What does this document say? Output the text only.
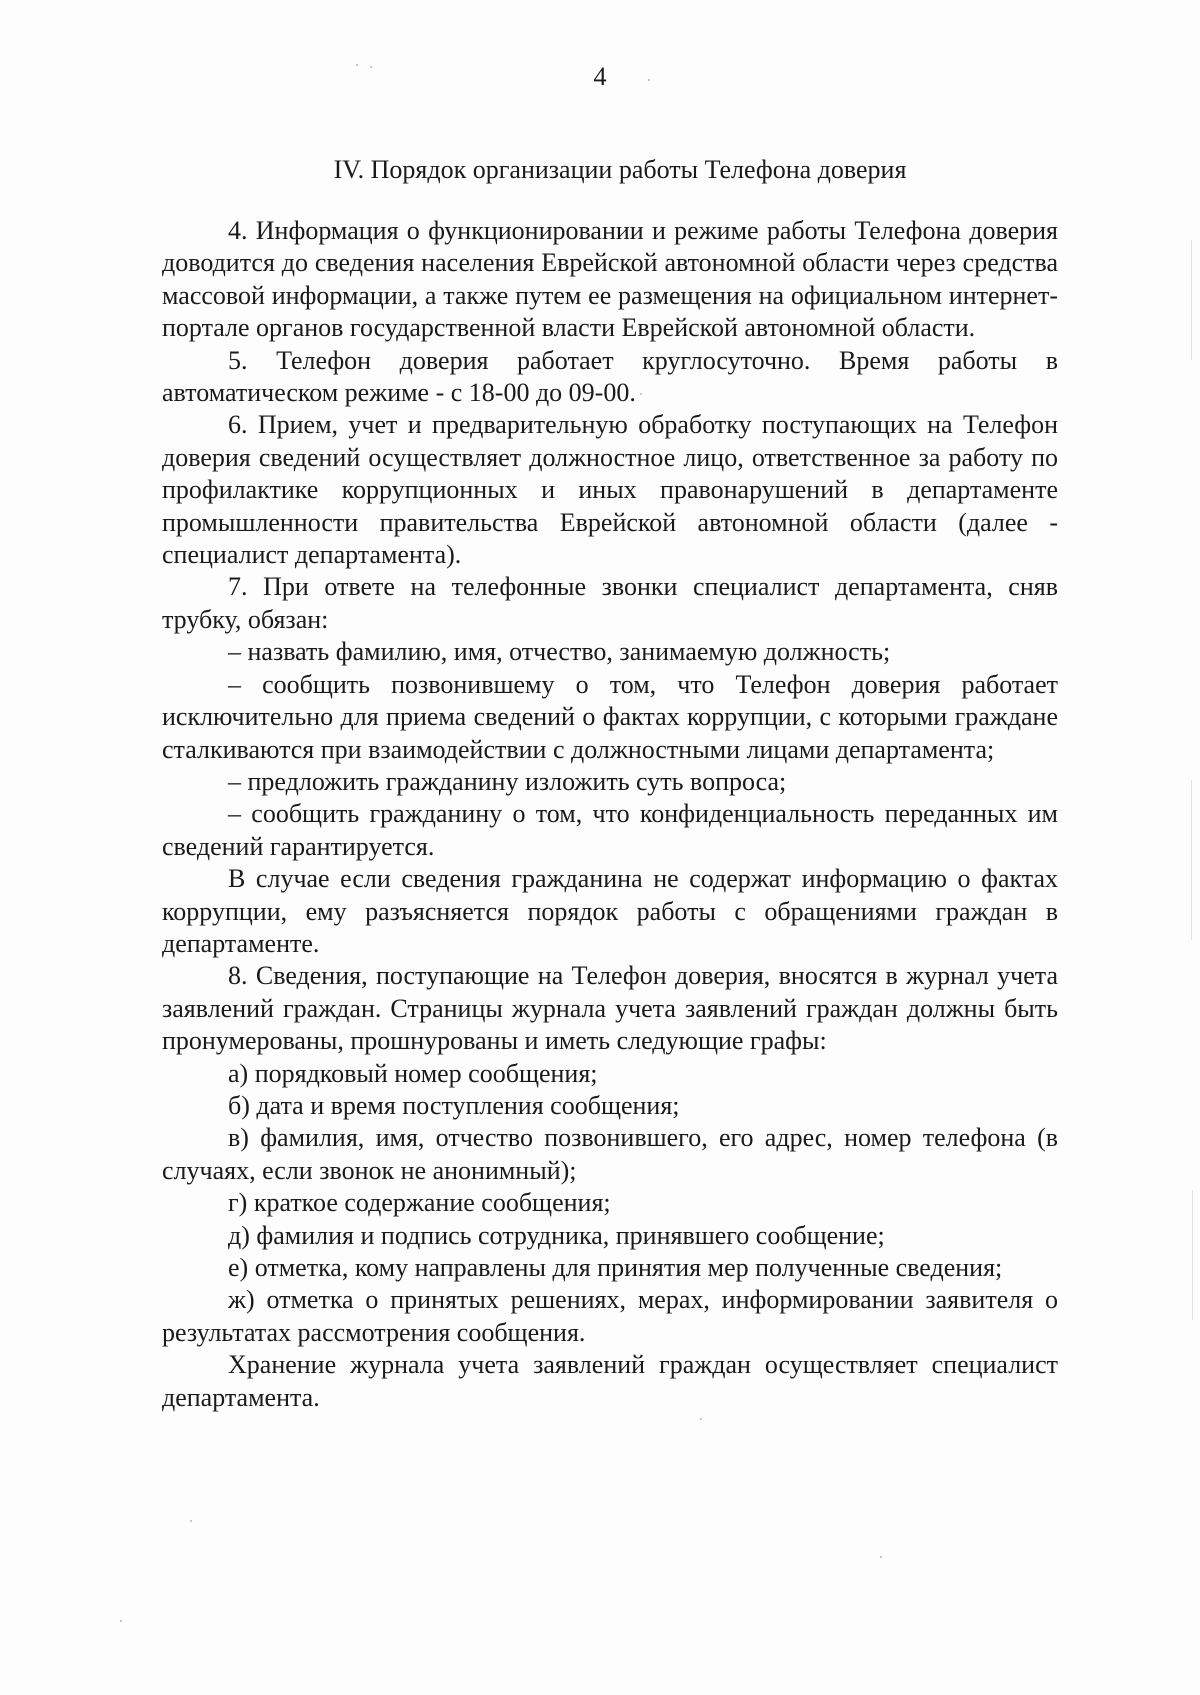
4
IV. Порядок организации работы Телефона доверия

4. Информация о функционировании и режиме работы Телефона доверия доводится до сведения населения Еврейской автономной области через средства массовой информации, а также путем ее размещения на официальном интернет-портале органов государственной власти Еврейской автономной области.

5. Телефон доверия работает круглосуточно. Время работы в автоматическом режиме - с 18-00 до 09-00.

6. Прием, учет и предварительную обработку поступающих на Телефон доверия сведений осуществляет должностное лицо, ответственное за работу по профилактике коррупционных и иных правонарушений в департаменте промышленности правительства Еврейской автономной области (далее - специалист департамента).

7. При ответе на телефонные звонки специалист департамента, сняв трубку, обязан:

– назвать фамилию, имя, отчество, занимаемую должность;

– сообщить позвонившему о том, что Телефон доверия работает исключительно для приема сведений о фактах коррупции, с которыми граждане сталкиваются при взаимодействии с должностными лицами департамента;

– предложить гражданину изложить суть вопроса;

– сообщить гражданину о том, что конфиденциальность переданных им сведений гарантируется.

В случае если сведения гражданина не содержат информацию о фактах коррупции, ему разъясняется порядок работы с обращениями граждан в департаменте.

8. Сведения, поступающие на Телефон доверия, вносятся в журнал учета заявлений граждан. Страницы журнала учета заявлений граждан должны быть пронумерованы, прошнурованы и иметь следующие графы:

а) порядковый номер сообщения;

б) дата и время поступления сообщения;

в) фамилия, имя, отчество позвонившего, его адрес, номер телефона (в случаях, если звонок не анонимный);

г) краткое содержание сообщения;

д) фамилия и подпись сотрудника, принявшего сообщение;

е) отметка, кому направлены для принятия мер полученные сведения;

ж) отметка о принятых решениях, мерах, информировании заявителя о результатах рассмотрения сообщения.

Хранение журнала учета заявлений граждан осуществляет специалист департамента.
